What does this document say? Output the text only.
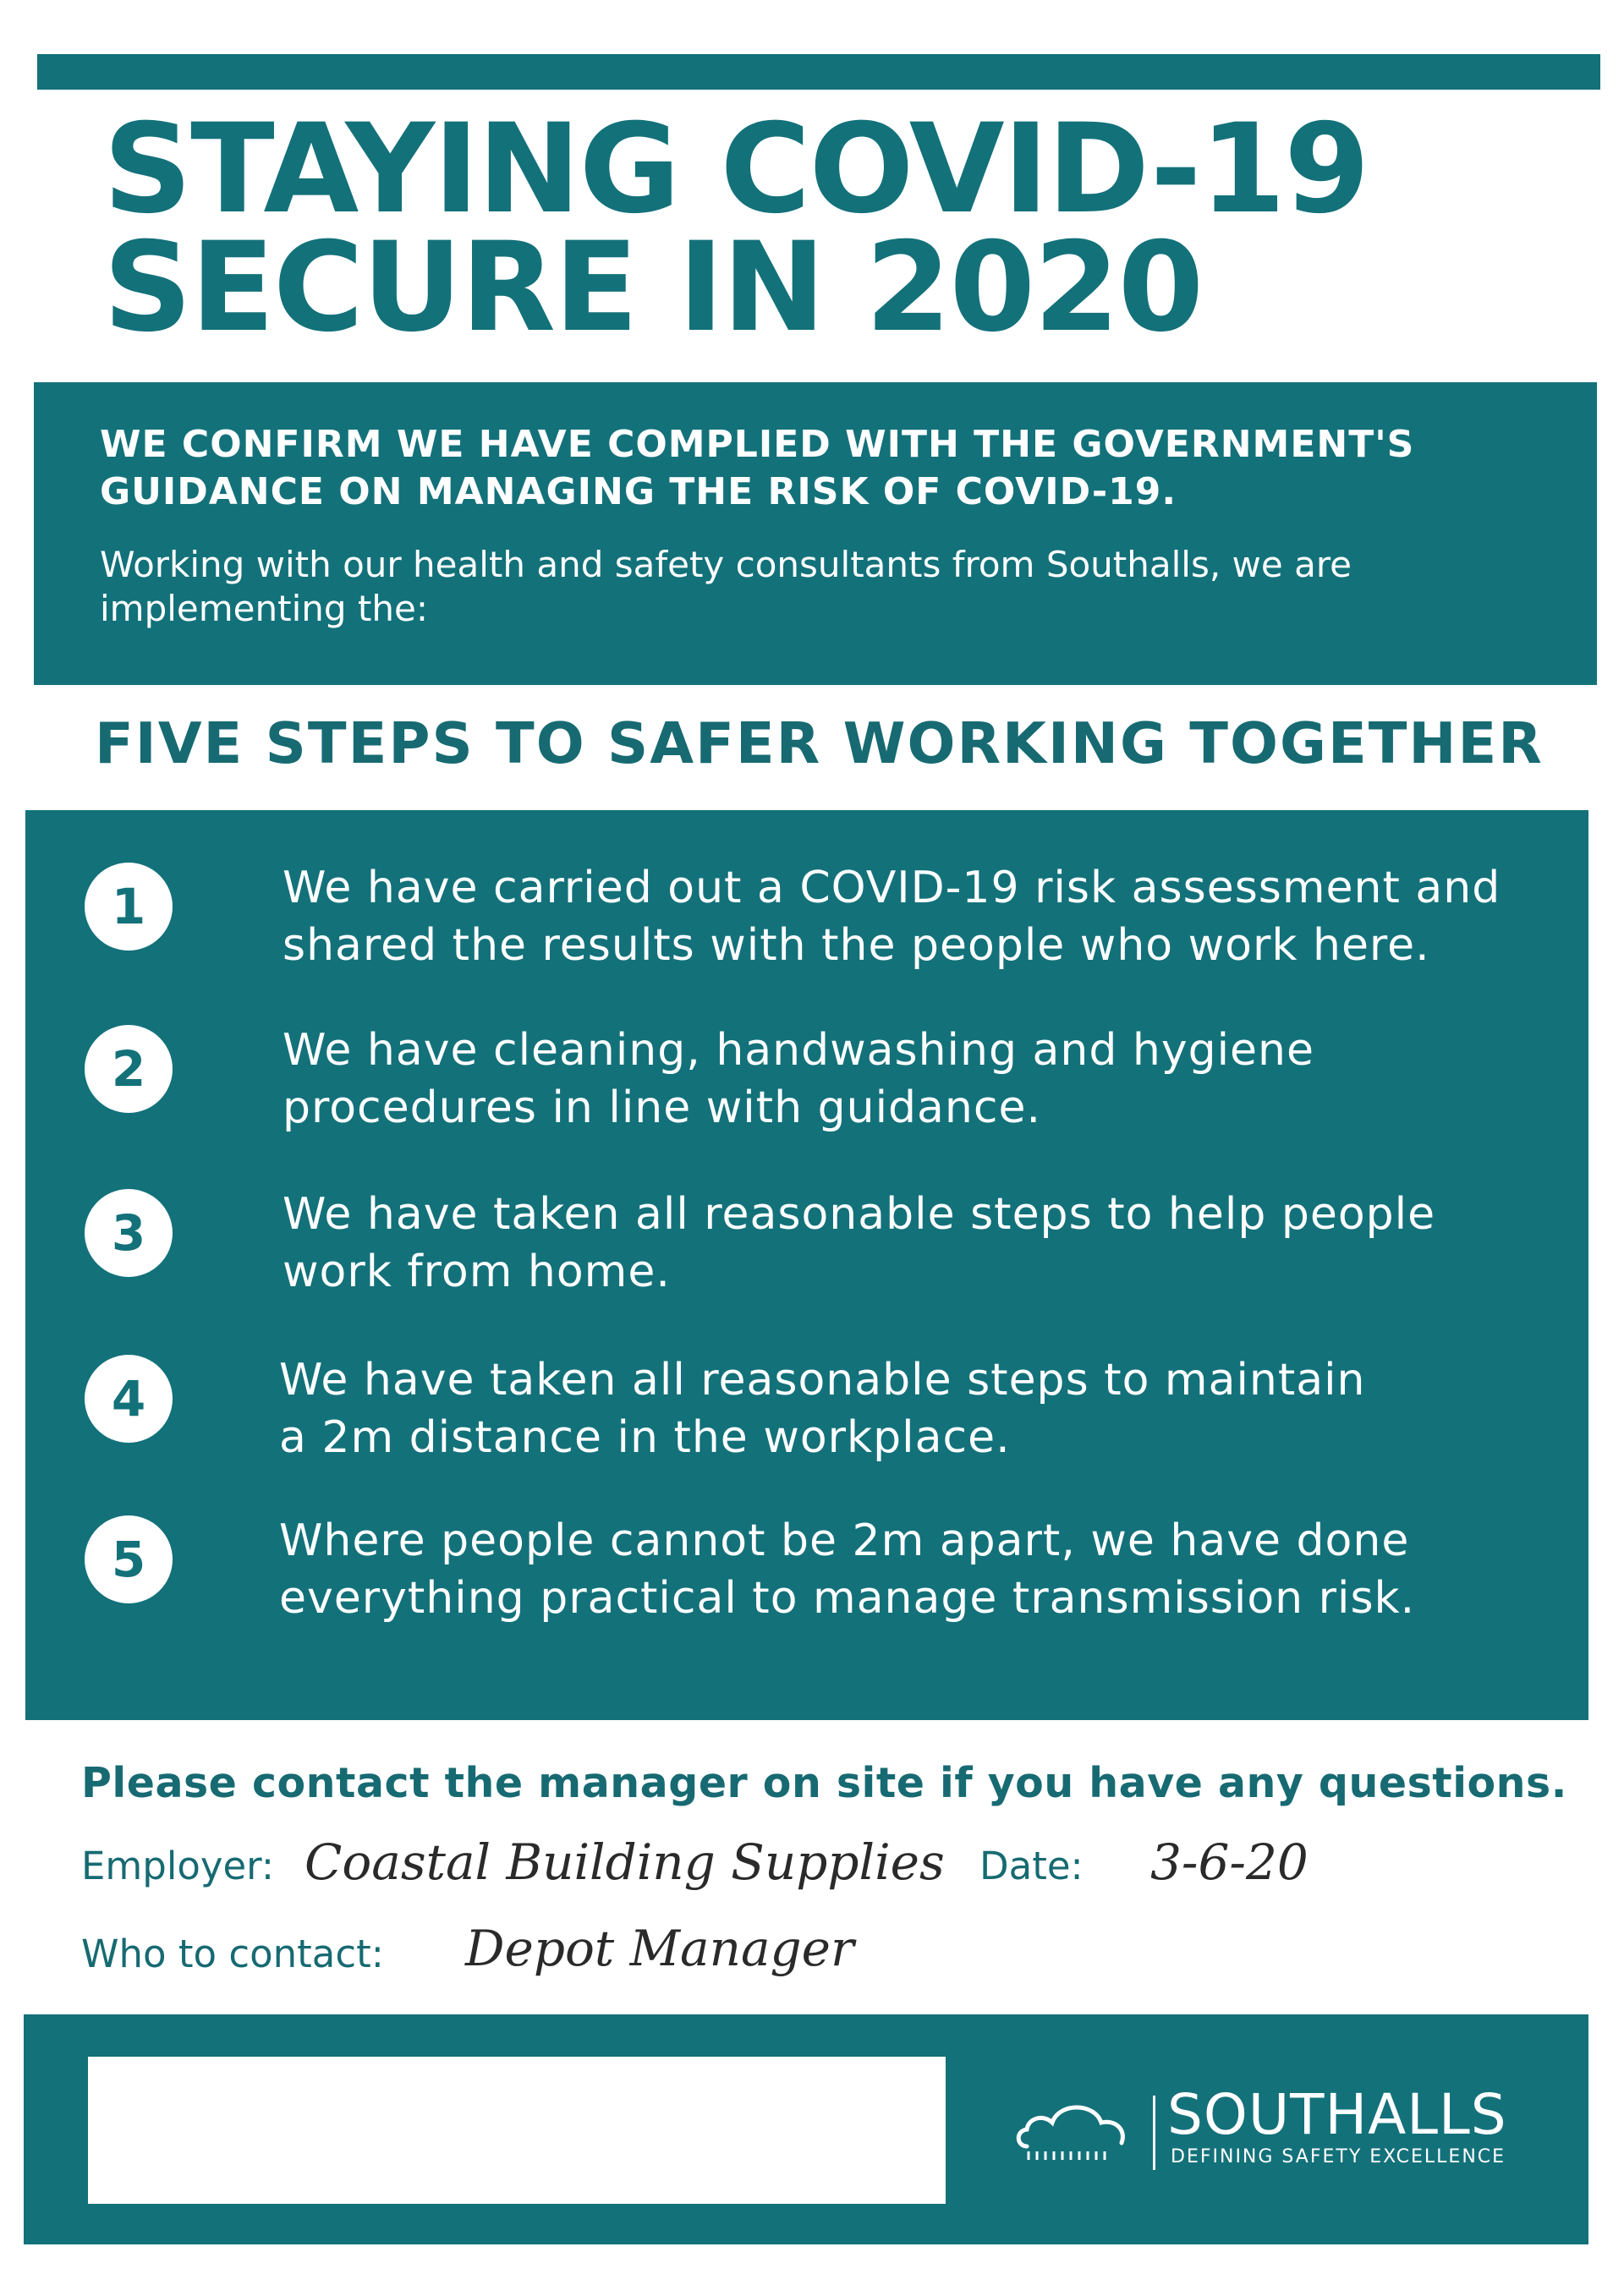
STAYING COVID-19
SECURE IN 2020

WE CONFIRM WE HAVE COMPLIED WITH THE GOVERNMENT'S
GUIDANCE ON MANAGING THE RISK OF COVID-19.

Working with our health and safety consultants from Southalls, we are
implementing the:

FIVE STEPS TO SAFER WORKING TOGETHER
1	We have carried out a COVID-19 risk assessment and
shared the results with the people who work here.
2	We have cleaning, handwashing and hygiene
procedures in line with guidance.
3	We have taken all reasonable steps to help people
work from home.
4	We have taken all reasonable steps to maintain
a 2m distance in the workplace.
5	Where people cannot be 2m apart, we have done
everything practical to manage transmission risk.

Please contact the manager on site if you have any questions.

Employer: Coastal Building Supplies Date: 3-6-20
Who to contact: Depot Manager
SOUTHALLS
DEFINING SAFETY EXCELLENCE
